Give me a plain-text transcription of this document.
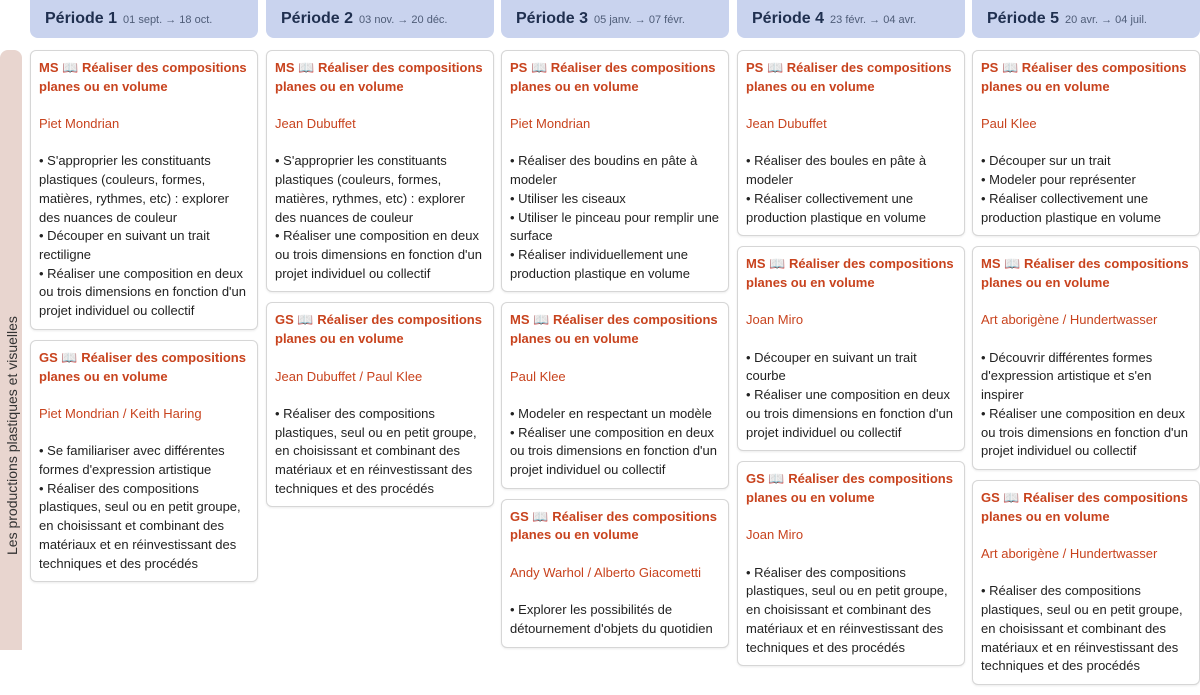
Période 1 01 sept. → 18 oct.	Période 2 03 nov. → 20 déc.	Période 3 05 janv. → 07 févr.	Période 4 23 févr. → 04 avr.	Période 5 20 avr. → 04 juil.
Les productions plastiques et visuelles
MS 📖 Réaliser des compositions planes ou en volume
Piet Mondrian
• S'approprier les constituants plastiques (couleurs, formes, matières, rythmes, etc) : explorer des nuances de couleur
• Découper en suivant un trait rectiligne
• Réaliser une composition en deux ou trois dimensions en fonction d'un projet individuel ou collectif
GS 📖 Réaliser des compositions planes ou en volume
Piet Mondrian / Keith Haring
• Se familiariser avec différentes formes d'expression artistique
• Réaliser des compositions plastiques, seul ou en petit groupe, en choisissant et combinant des matériaux et en réinvestissant des techniques et des procédés
MS 📖 Réaliser des compositions planes ou en volume
Jean Dubuffet
• S'approprier les constituants plastiques (couleurs, formes, matières, rythmes, etc) : explorer des nuances de couleur
• Réaliser une composition en deux ou trois dimensions en fonction d'un projet individuel ou collectif
GS 📖 Réaliser des compositions planes ou en volume
Jean Dubuffet / Paul Klee
• Réaliser des compositions plastiques, seul ou en petit groupe, en choisissant et combinant des matériaux et en réinvestissant des techniques et des procédés
PS 📖 Réaliser des compositions planes ou en volume
Piet Mondrian
• Réaliser des boudins en pâte à modeler
• Utiliser les ciseaux
• Utiliser le pinceau pour remplir une surface
• Réaliser individuellement une production plastique en volume
MS 📖 Réaliser des compositions planes ou en volume
Paul Klee
• Modeler en respectant un modèle
• Réaliser une composition en deux ou trois dimensions en fonction d'un projet individuel ou collectif
GS 📖 Réaliser des compositions planes ou en volume
Andy Warhol / Alberto Giacometti
• Explorer les possibilités de détournement d'objets du quotidien
PS 📖 Réaliser des compositions planes ou en volume
Jean Dubuffet
• Réaliser des boules en pâte à modeler
• Réaliser collectivement une production plastique en volume
MS 📖 Réaliser des compositions planes ou en volume
Joan Miro
• Découper en suivant un trait courbe
• Réaliser une composition en deux ou trois dimensions en fonction d'un projet individuel ou collectif
GS 📖 Réaliser des compositions planes ou en volume
Joan Miro
• Réaliser des compositions plastiques, seul ou en petit groupe, en choisissant et combinant des matériaux et en réinvestissant des techniques et des procédés
PS 📖 Réaliser des compositions planes ou en volume
Paul Klee
• Découper sur un trait
• Modeler pour représenter
• Réaliser collectivement une production plastique en volume
MS 📖 Réaliser des compositions planes ou en volume
Art aborigène / Hundertwasser
• Découvrir différentes formes d'expression artistique et s'en inspirer
• Réaliser une composition en deux ou trois dimensions en fonction d'un projet individuel ou collectif
GS 📖 Réaliser des compositions planes ou en volume
Art aborigène / Hundertwasser
• Réaliser des compositions plastiques, seul ou en petit groupe, en choisissant et combinant des matériaux et en réinvestissant des techniques et des procédés
